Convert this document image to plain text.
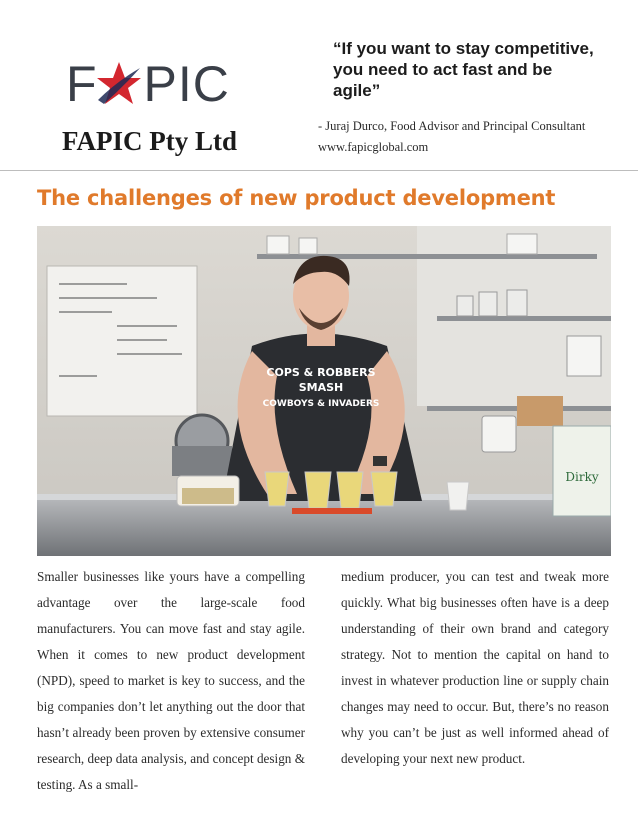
F PIC
FAPIC Pty Ltd

“If you want to stay competitive, you need to act fast and be agile”

- Juraj Durco, Food Advisor and Principal Consultant

www.fapicglobal.com

The challenges of new product development
COPS & ROBBERS
SMASH
COWBOYS & INVADERS
Dirky

Smaller businesses like yours have a compelling advantage over the large-scale food manufacturers. You can move fast and stay agile. When it comes to new product development (NPD), speed to market is key to success, and the big companies don’t let anything out the door that hasn’t already been proven by extensive consumer research, deep data analysis, and concept design & testing. As a small-

medium producer, you can test and tweak more quickly. What big businesses often have is a deep understanding of their own brand and category strategy. Not to mention the capital on hand to invest in whatever production line or supply chain changes may need to occur. But, there’s no reason why you can’t be just as well informed ahead of developing your next new product.
